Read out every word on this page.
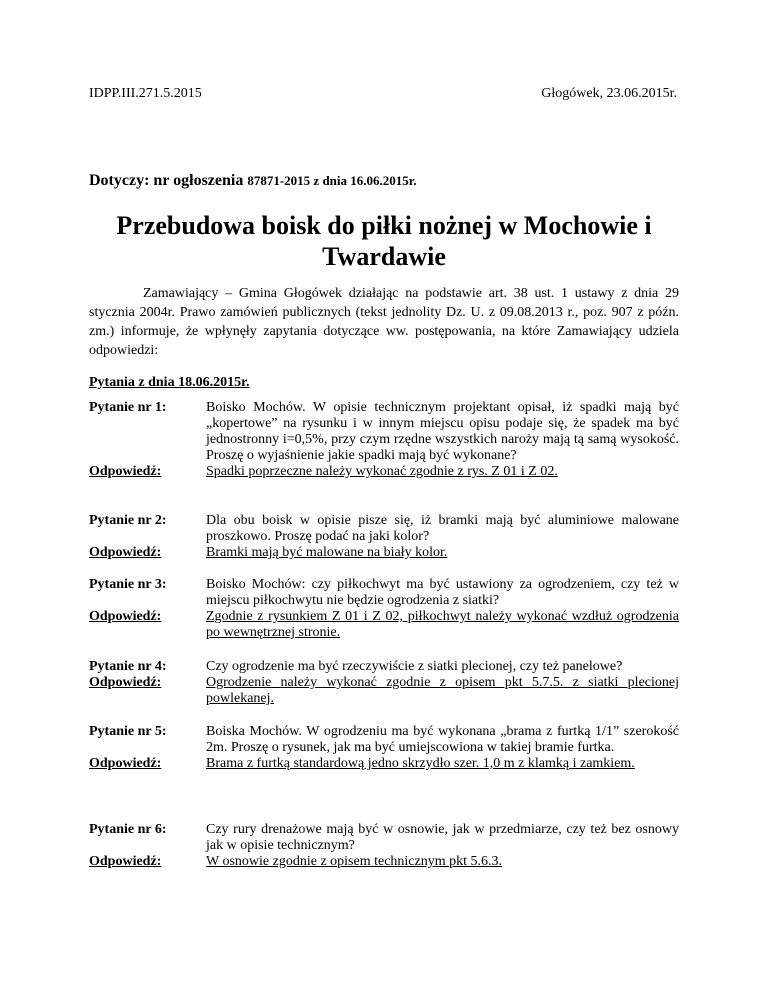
IDPP.III.271.5.2015	Głogówek, 23.06.2015r.
Dotyczy: nr ogłoszenia 87871-2015 z dnia 16.06.2015r.
Przebudowa boisk do piłki nożnej w Mochowie i Twardawie
Zamawiający – Gmina Głogówek działając na podstawie art. 38 ust. 1 ustawy z dnia 29 stycznia 2004r. Prawo zamówień publicznych (tekst jednolity Dz. U. z 09.08.2013 r., poz. 907 z późn. zm.) informuje, że wpłynęły zapytania dotyczące ww. postępowania, na które Zamawiający udziela odpowiedzi:
Pytania z dnia 18.06.2015r.
Pytanie nr 1:	Boisko Mochów. W opisie technicznym projektant opisał, iż spadki mają być „kopertowe” na rysunku i w innym miejscu opisu podaje się, że spadek ma być jednostronny i=0,5%, przy czym rzędne wszystkich naroży mają tą samą wysokość. Proszę o wyjaśnienie jakie spadki mają być wykonane?
Odpowiedź:	Spadki poprzeczne należy wykonać zgodnie z rys. Z 01 i Z 02.
Pytanie nr 2:	Dla obu boisk w opisie pisze się, iż bramki mają być aluminiowe malowane proszkowo. Proszę podać na jaki kolor?
Odpowiedź:	Bramki mają być malowane na biały kolor.
Pytanie nr 3:	Boisko Mochów: czy piłkochwyt ma być ustawiony za ogrodzeniem, czy też w miejscu piłkochwytu nie będzie ogrodzenia z siatki?
Odpowiedź:	Zgodnie z rysunkiem Z 01 i Z 02, piłkochwyt należy wykonać wzdłuż ogrodzenia po wewnętrznej stronie.
Pytanie nr 4:	Czy ogrodzenie ma być rzeczywiście z siatki plecionej, czy też panelowe?
Odpowiedź:	Ogrodzenie należy wykonać zgodnie z opisem pkt 5.7.5. z siatki plecionej powlekanej.
Pytanie nr 5:	Boiska Mochów. W ogrodzeniu ma być wykonana „brama z furtką 1/1” szerokość 2m. Proszę o rysunek, jak ma być umiejscowiona w takiej bramie furtka.
Odpowiedź:	Brama z furtką standardową jedno skrzydło szer. 1,0 m z klamką i zamkiem.
Pytanie nr 6:	Czy rury drenażowe mają być w osnowie, jak w przedmiarze, czy też bez osnowy jak w opisie technicznym?
Odpowiedź:	W osnowie zgodnie z opisem technicznym pkt 5.6.3.
